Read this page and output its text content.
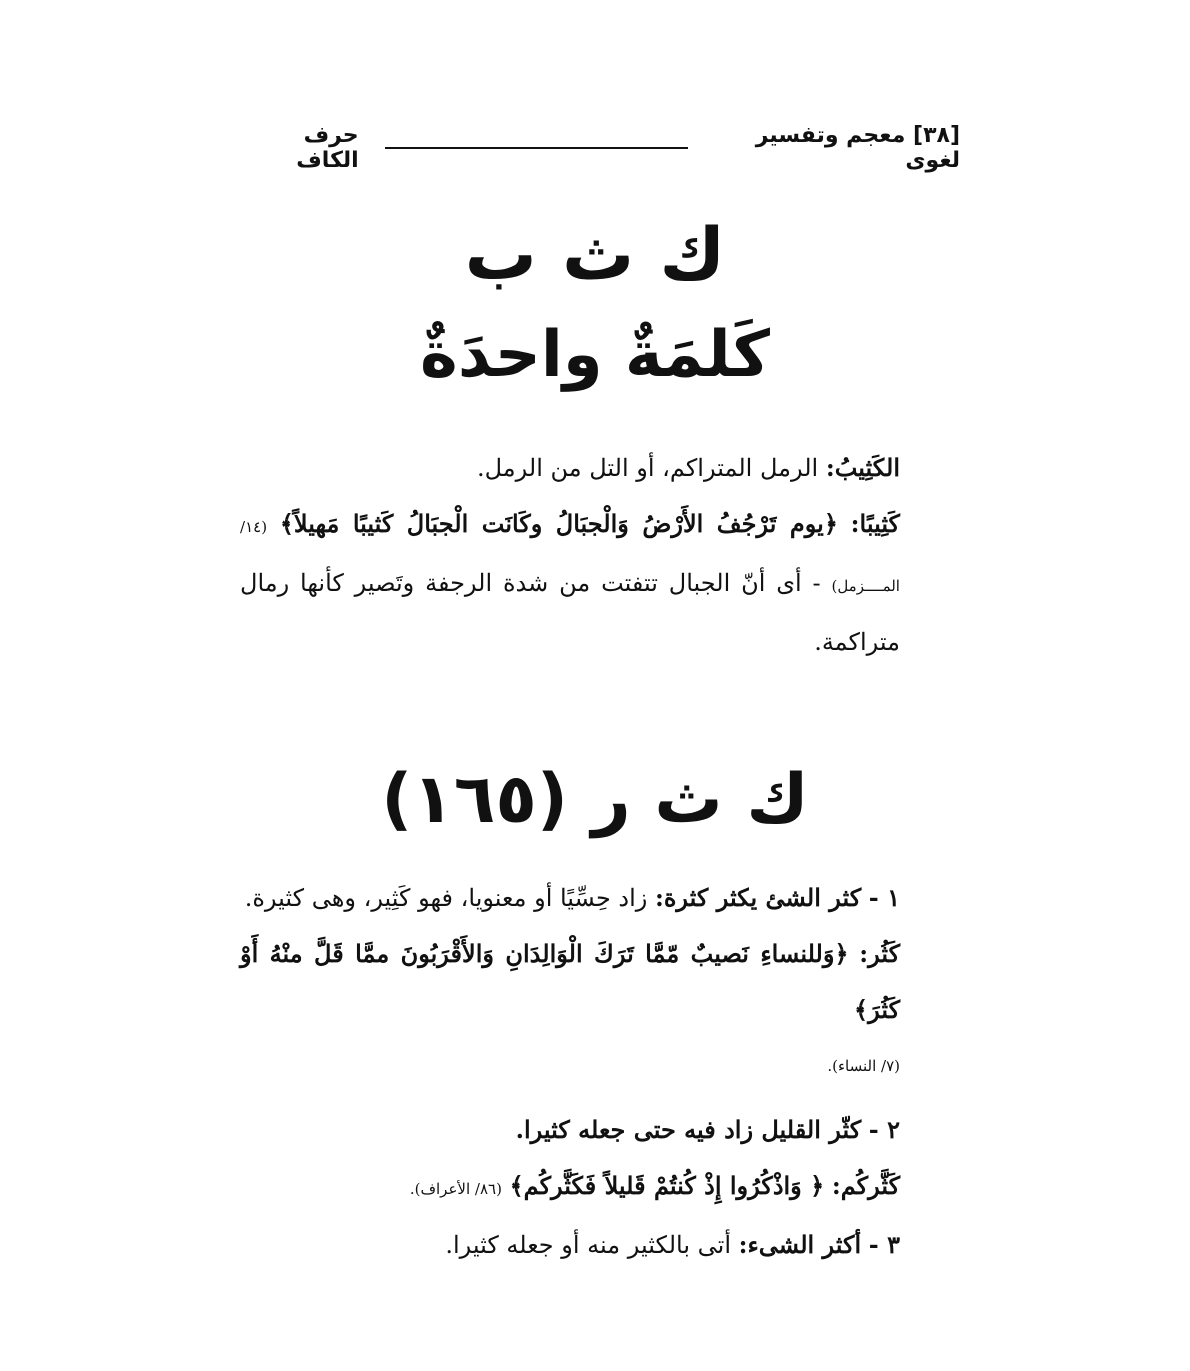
[٣٨] معجم وتفسير لغوى
حرف الكاف
ك ث ب
كَلمَةٌ واحدَةٌ
الكَثِيبُ: الرمل المتراكم، أو التل من الرمل.
كَثِيبًا: ﴿يوم تَرْجُفُ الأَرْضُ وَالْجبَالُ وكَانَت الْجبَالُ كَثيبًا مَهيلاً﴾ (١٤/ المــــزمل) - أى أنّ الجبال تتفتت من شدة الرجفة وتَصير كأنها رمال متراكمة.
ك ث ر (١٦٥)
١ - كثر الشئ يكثر كثرة: زاد حِسِّيًا أو معنويا، فهو كَثِير، وهى كثيرة.
كَثُر: ﴿وَللنساءِ نَصيبٌ مّمَّا تَرَكَ الْوَالِدَانِ وَالأَقْرَبُونَ ممَّا قَلَّ منْهُ أَوْ كَثُرَ﴾
(٧/ النساء).
٢ - كثّر القليل زاد فيه حتى جعله كثيرا.
كَثَّركُم: ﴿ وَاذْكُرُوا إِذْ كُنتُمْ قَليلاً فَكَثَّركُم﴾ (٨٦/ الأعراف).
٣ - أكثر الشىء: أتى بالكثير منه أو جعله كثيرا.
